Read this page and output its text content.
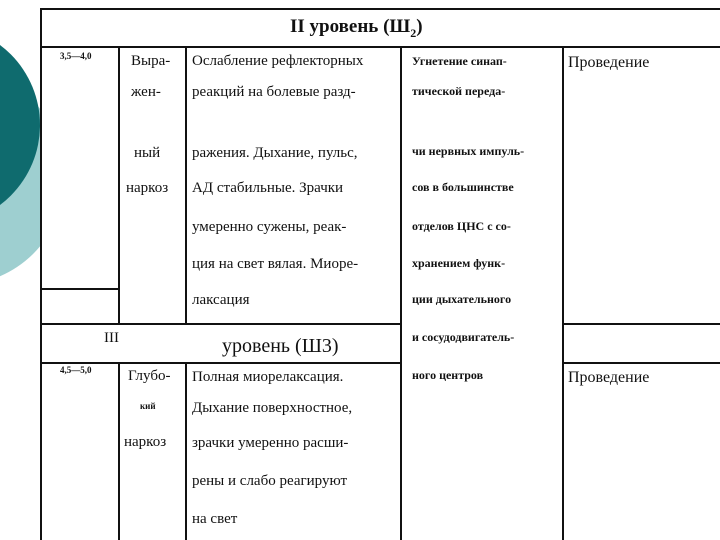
II уровень $(Ш_2)$
3,5—4,0	Выра-
жен-
ный
наркоз
Ослабление рефлекторных
реакций на болевые разд-
ражения. Дыхание, пульс,
АД стабильные. Зрачки
умеренно сужены, реак-
ция на свет вялая. Миоре-
лаксация
Угнетение синап-
тической переда-
чи нервных импуль-
сов в большинстве
отделов ЦНС с со-
хранением функ-
ции дыхательного
и сосудодвигатель-
ного центров
Проведение
Проведение
III	уровень (Ш3)
4,5—5,0 Глубо-
кий
наркоз
Полная миорелаксация.
Дыхание поверхностное,
зрачки умеренно расши-
рены и слабо реагируют
на свет
